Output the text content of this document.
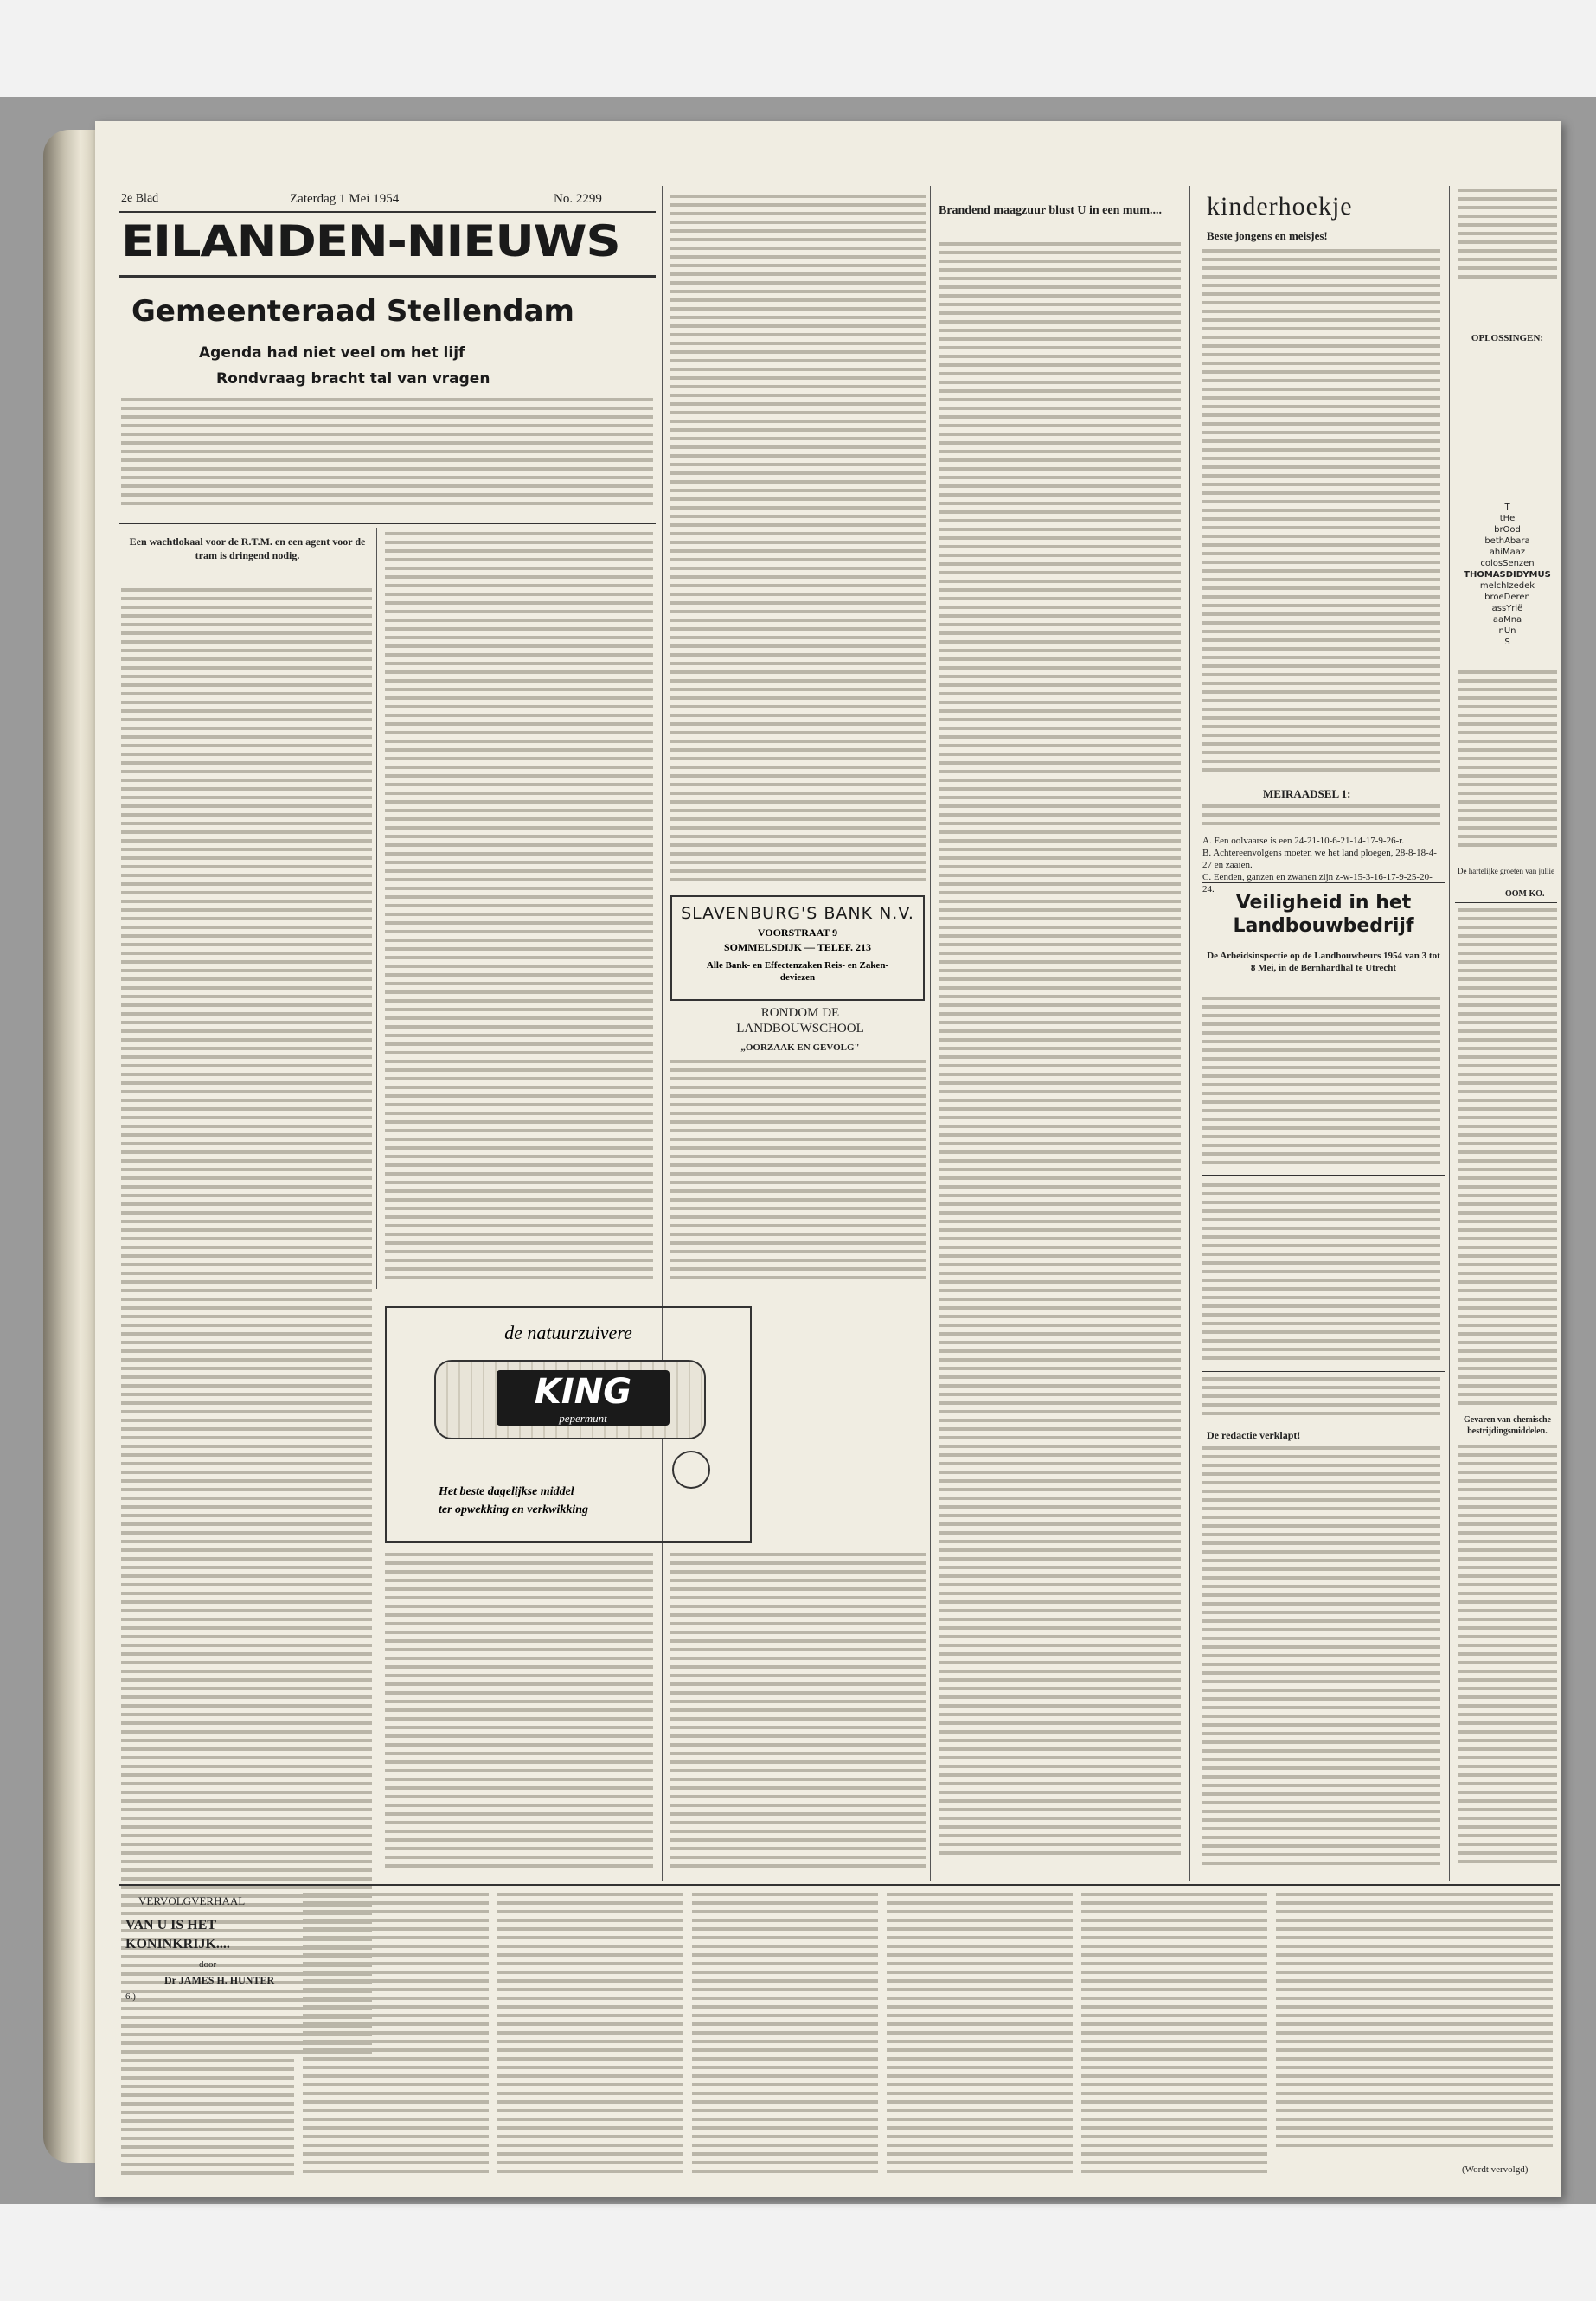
2e Blad	Zaterdag 1 Mei 1954	No. 2299
EILANDEN-NIEUWS
Gemeenteraad Stellendam
Agenda had niet veel om het lijf
Rondvraag bracht tal van vragen
Een wachtlokaal voor de R.T.M. en een agent voor de tram is dringend nodig.
SLAVENBURG'S BANK N.V.
VOORSTRAAT 9
SOMMELSDIJK — TELEF. 213
Alle Bank- en Effectenzaken Reis- en Zaken-deviezen
RONDOM DE LANDBOUWSCHOOL
„OORZAAK EN GEVOLG"
de natuurzuivere
KING
pepermunt
Het beste dagelijkse middel
ter opwekking en verkwikking
Brandend maagzuur blust U in een mum....	kinderhoekje
Beste jongens en meisjes!
MEIRAADSEL 1:
A. Een oolvaarse is een 24-21-10-6-21-14-17-9-26-r.
B. Achtereenvolgens moeten we het land ploegen, 28-8-18-4-27 en zaaien.
C. Eenden, ganzen en zwanen zijn z-w-15-3-16-17-9-25-20-24.
Veiligheid in het Landbouwbedrijf
De Arbeidsinspectie op de Landbouwbeurs 1954 van 3 tot 8 Mei, in de Bernhardhal te Utrecht
De redactie verklapt!
OPLOSSINGEN:
T
tHe
brOod
bethAbara
ahiMaaz
colosSenzen
THOMASDIDYMUS
melchIzedek
broeDeren
assYrië
aaMna
nUn
S
De hartelijke groeten van jullie
OOM KO.
Gevaren van chemische bestrijdingsmiddelen.
VERVOLGVERHAAL
VAN U IS HET KONINKRIJK....
door
Dr JAMES H. HUNTER
6.)
(Wordt vervolgd)
